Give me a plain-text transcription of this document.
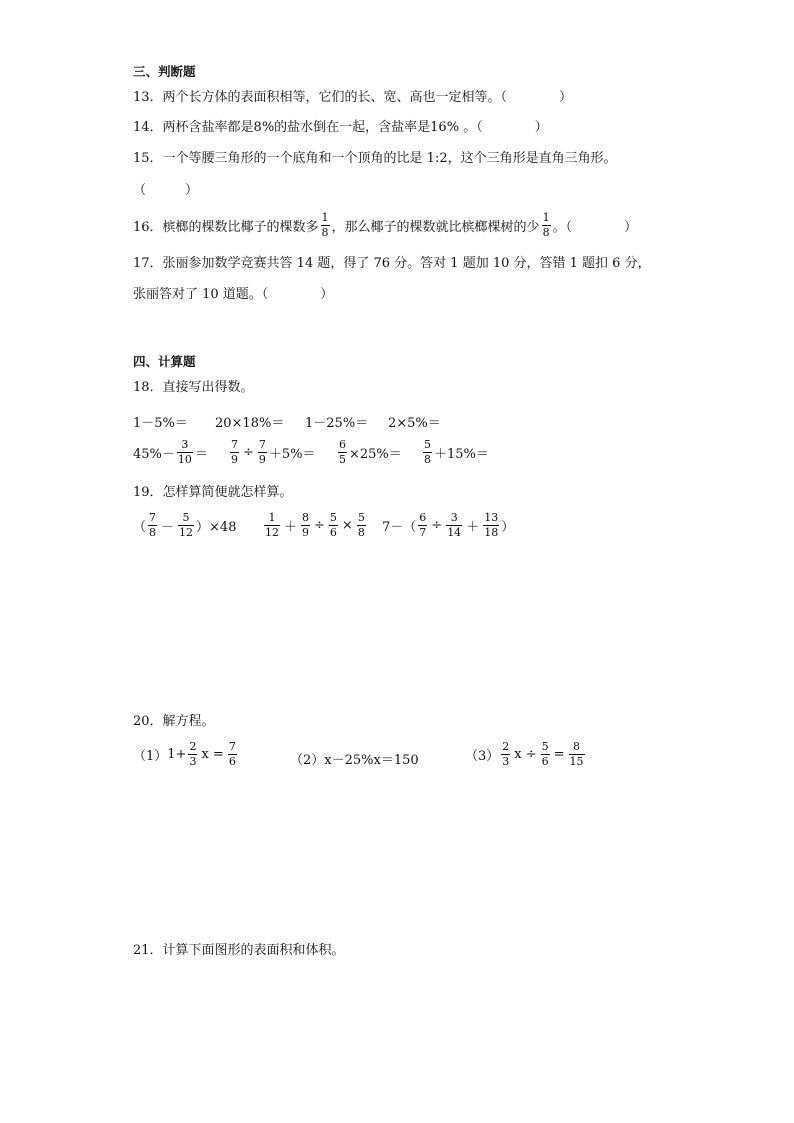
三、判断题
13．两个长方体的表面积相等，它们的长、宽、高也一定相等。（　　　　）
14．两杯含盐率都是8%的盐水倒在一起，含盐率是16% 。（　　　　）
15．一个等腰三角形的一个底角和一个顶角的比是 1:2，这个三角形是直角三角形。
（　　　）
16．槟榔的棵数比椰子的棵数多 $\frac{1}{8}$ ，那么椰子的棵数就比槟榔棵树的少 $\frac{1}{8}$ 。（　　　　）
17．张丽参加数学竞赛共答 14 题，得了 76 分。答对 1 题加 10 分，答错 1 题扣 6 分，
张丽答对了 10 道题。（　　　　）
四、计算题
18．直接写出得数。
1－5%＝ 20×18%＝ 1－25%＝ 2×5%＝
$45\%- \frac{3}{10} = \frac{7}{9} \div \frac{7}{9} +5\%= \frac{6}{5} \times 25\%= \frac{5}{8} +15\%=$
19．怎样算简便就怎样算。
（ $\frac{7}{8} - \frac{5}{12} )\times 48$	$\frac{1}{12} + \frac{8}{9} \div \frac{5}{6} \times \frac{5}{8} 7-( \frac{6}{7} \div \frac{3}{14} + \frac{13}{18}$ ）
20．解方程。
（1） $1+ \frac{2}{3}$ $x = \frac{7}{6}$	（2） x－25%x＝150	$(3) \frac{2}{3}$ $x \div \frac{5}{6} = \frac{8}{15}$
21．计算下面图形的表面积和体积。
